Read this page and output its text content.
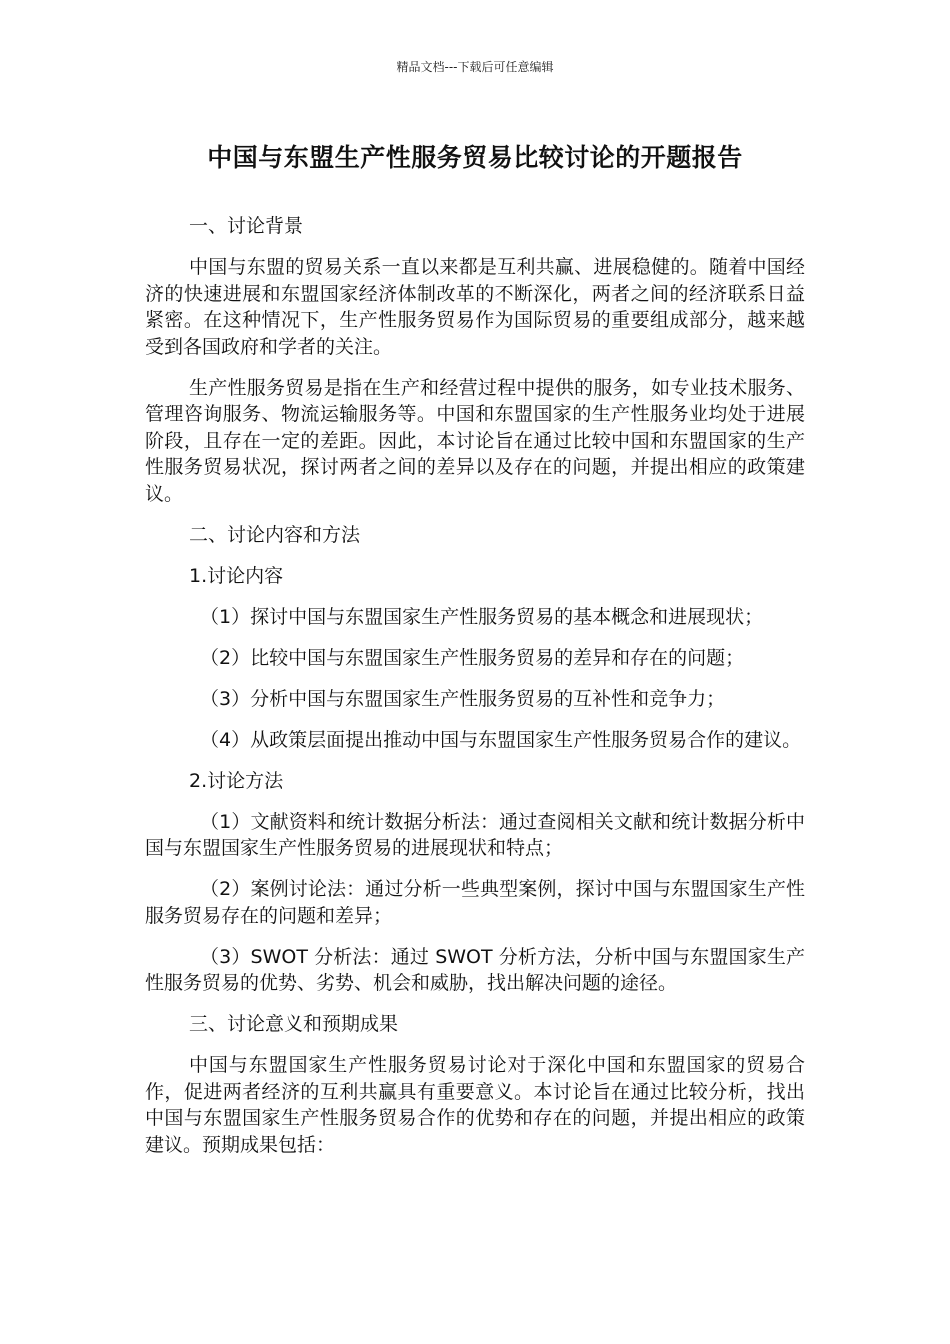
精品文档---下载后可任意编辑
中国与东盟生产性服务贸易比较讨论的开题报告

一、讨论背景

中国与东盟的贸易关系一直以来都是互利共赢、进展稳健的。随着中国经济的快速进展和东盟国家经济体制改革的不断深化，两者之间的经济联系日益紧密。在这种情况下，生产性服务贸易作为国际贸易的重要组成部分，越来越受到各国政府和学者的关注。

生产性服务贸易是指在生产和经营过程中提供的服务，如专业技术服务、管理咨询服务、物流运输服务等。中国和东盟国家的生产性服务业均处于进展阶段，且存在一定的差距。因此，本讨论旨在通过比较中国和东盟国家的生产性服务贸易状况，探讨两者之间的差异以及存在的问题，并提出相应的政策建议。

二、讨论内容和方法

1.讨论内容

（1）探讨中国与东盟国家生产性服务贸易的基本概念和进展现状；

（2）比较中国与东盟国家生产性服务贸易的差异和存在的问题；

（3）分析中国与东盟国家生产性服务贸易的互补性和竞争力；

（4）从政策层面提出推动中国与东盟国家生产性服务贸易合作的建议。

2.讨论方法

（1）文献资料和统计数据分析法：通过查阅相关文献和统计数据分析中国与东盟国家生产性服务贸易的进展现状和特点；

（2）案例讨论法：通过分析一些典型案例，探讨中国与东盟国家生产性服务贸易存在的问题和差异；

（3）SWOT 分析法：通过 SWOT 分析方法，分析中国与东盟国家生产性服务贸易的优势、劣势、机会和威胁，找出解决问题的途径。

三、讨论意义和预期成果

中国与东盟国家生产性服务贸易讨论对于深化中国和东盟国家的贸易合作，促进两者经济的互利共赢具有重要意义。本讨论旨在通过比较分析，找出中国与东盟国家生产性服务贸易合作的优势和存在的问题，并提出相应的政策建议。预期成果包括：
